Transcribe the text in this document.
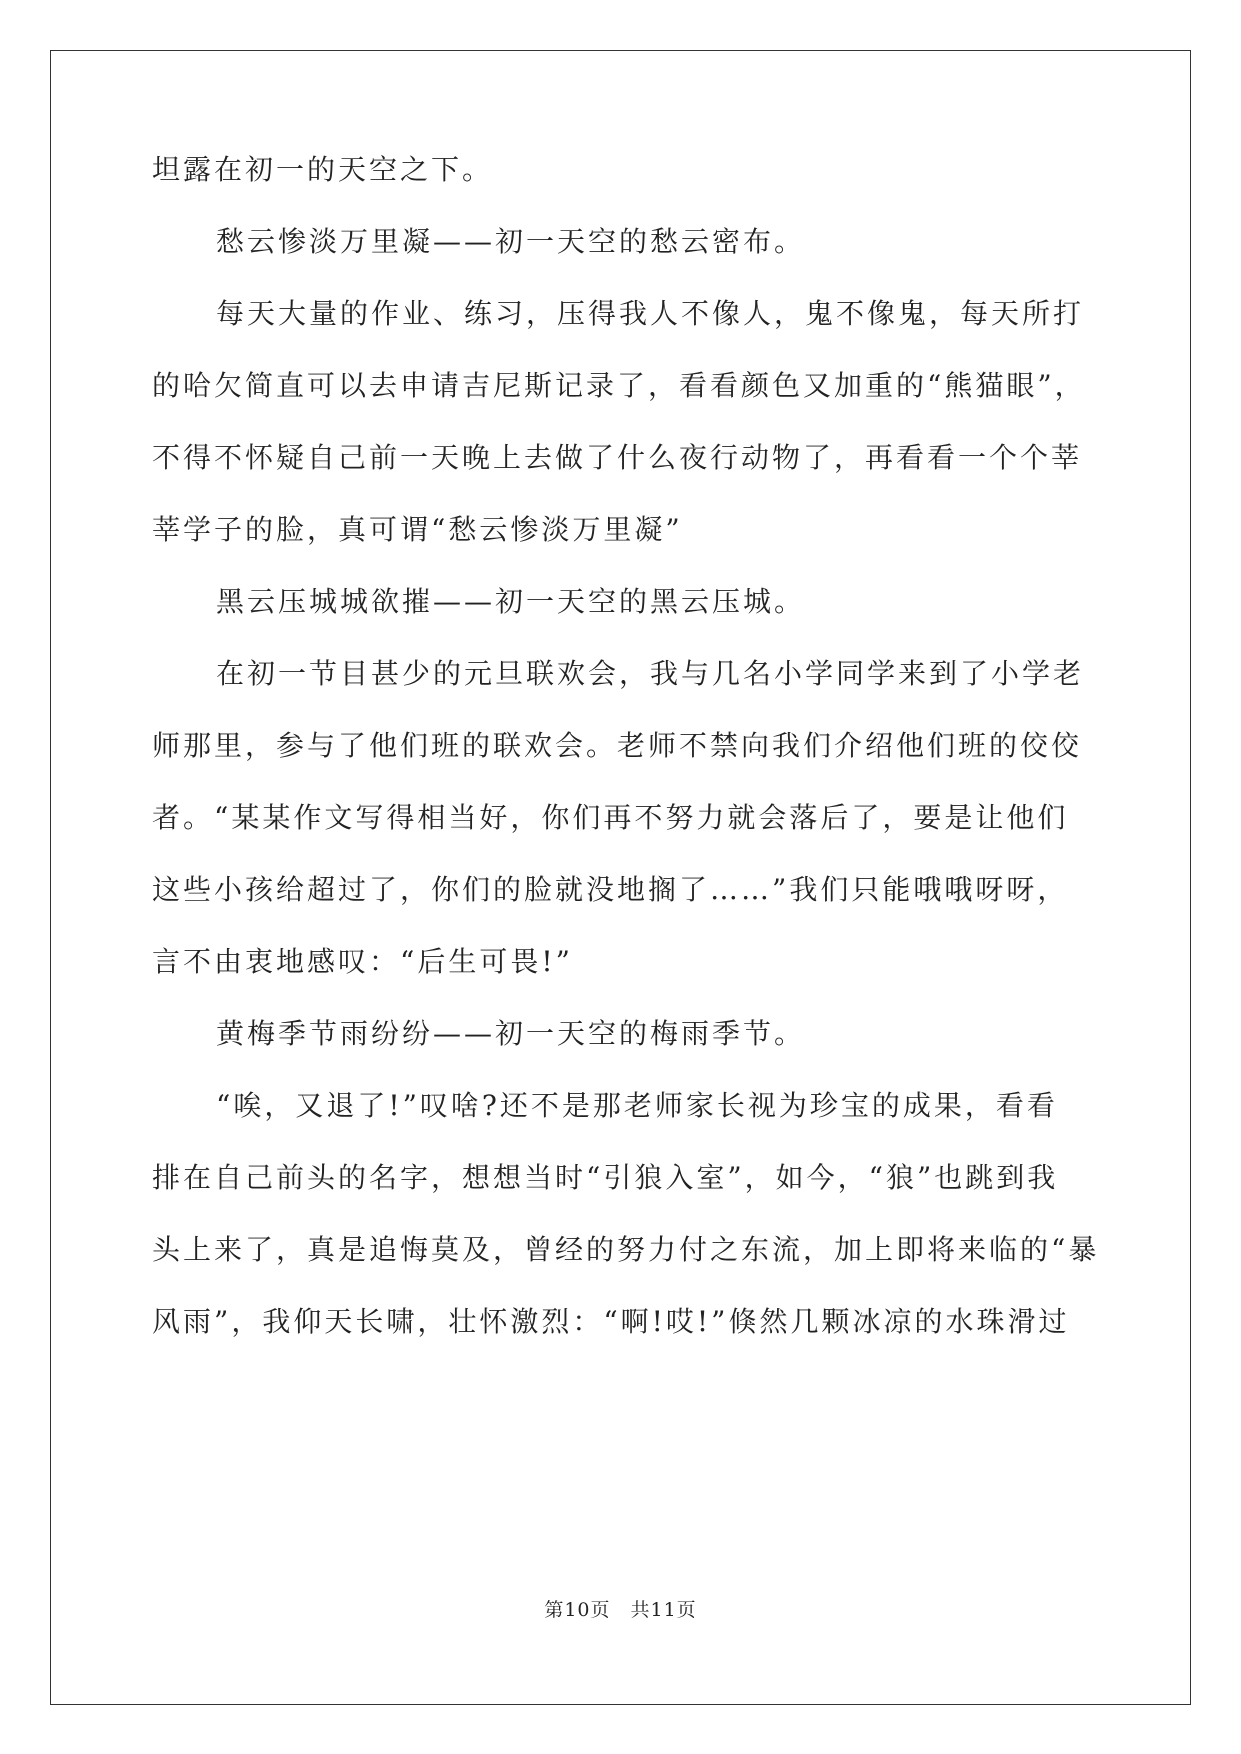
坦露在初一的天空之下。
愁云惨淡万里凝——初一天空的愁云密布。
每天大量的作业、练习，压得我人不像人，鬼不像鬼，每天所打
的哈欠简直可以去申请吉尼斯记录了，看看颜色又加重的“熊猫眼”，
不得不怀疑自己前一天晚上去做了什么夜行动物了，再看看一个个莘
莘学子的脸，真可谓“愁云惨淡万里凝”
黑云压城城欲摧——初一天空的黑云压城。
在初一节目甚少的元旦联欢会，我与几名小学同学来到了小学老
师那里，参与了他们班的联欢会。老师不禁向我们介绍他们班的佼佼
者。“某某作文写得相当好，你们再不努力就会落后了，要是让他们
这些小孩给超过了，你们的脸就没地搁了……”我们只能哦哦呀呀，
言不由衷地感叹：“后生可畏!”
黄梅季节雨纷纷——初一天空的梅雨季节。
“唉，又退了!”叹啥?还不是那老师家长视为珍宝的成果，看看
排在自己前头的名字，想想当时“引狼入室”，如今，“狼”也跳到我
头上来了，真是追悔莫及，曾经的努力付之东流，加上即将来临的“暴
风雨”，我仰天长啸，壮怀激烈：“啊!哎!”倏然几颗冰凉的水珠滑过
第10页　共11页
